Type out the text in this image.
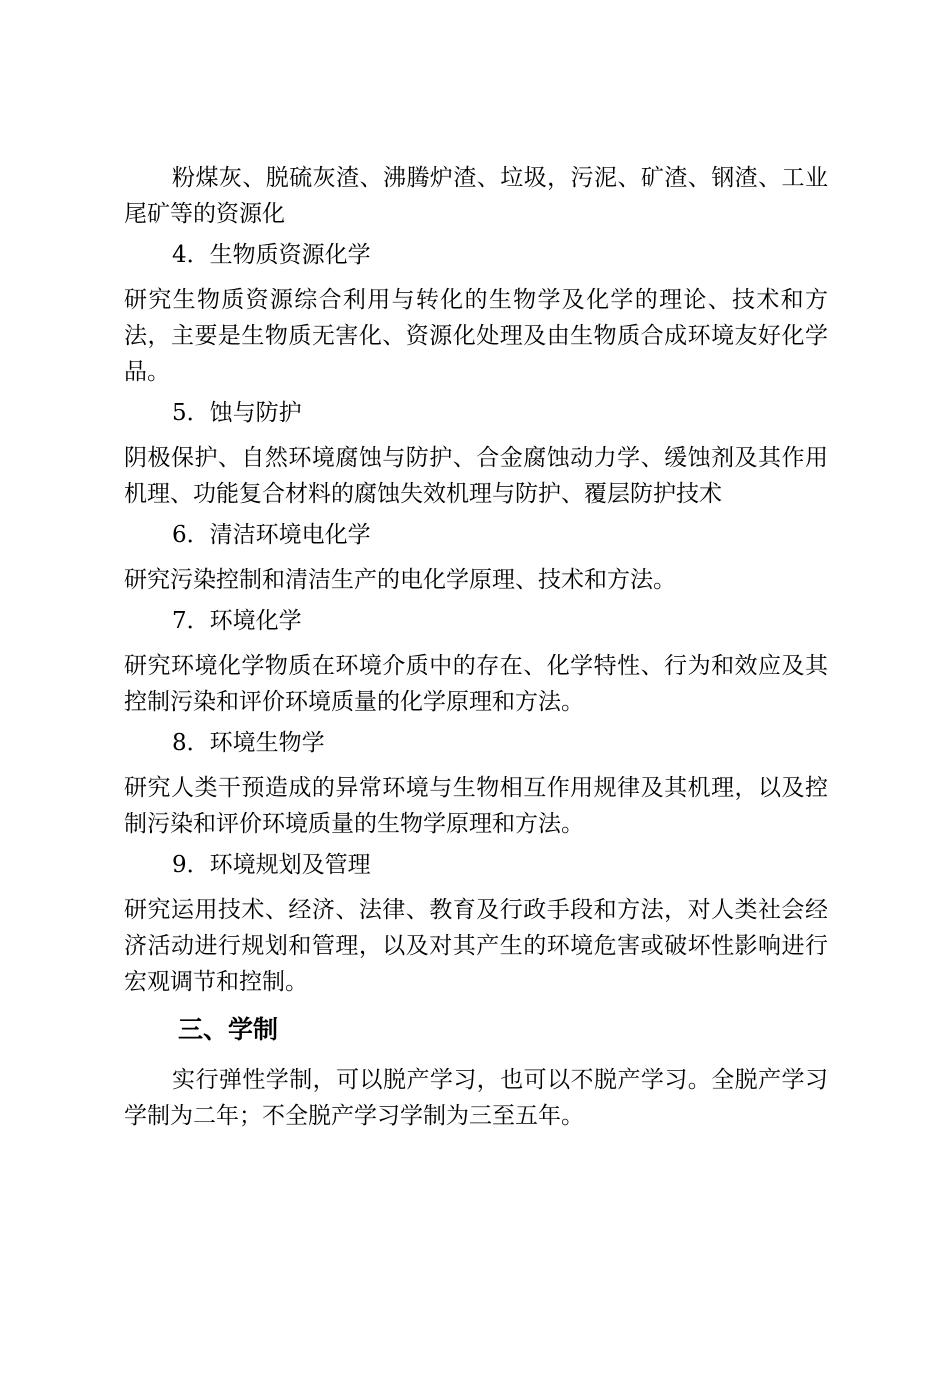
粉煤灰、脱硫灰渣、沸腾炉渣、垃圾，污泥、矿渣、钢渣、工业尾矿等的资源化

4．生物质资源化学

研究生物质资源综合利用与转化的生物学及化学的理论、技术和方法，主要是生物质无害化、资源化处理及由生物质合成环境友好化学品。

5．蚀与防护

阴极保护、自然环境腐蚀与防护、合金腐蚀动力学、缓蚀剂及其作用机理、功能复合材料的腐蚀失效机理与防护、覆层防护技术

6．清洁环境电化学

研究污染控制和清洁生产的电化学原理、技术和方法。

7．环境化学

研究环境化学物质在环境介质中的存在、化学特性、行为和效应及其控制污染和评价环境质量的化学原理和方法。

8．环境生物学

研究人类干预造成的异常环境与生物相互作用规律及其机理，以及控制污染和评价环境质量的生物学原理和方法。

9．环境规划及管理

研究运用技术、经济、法律、教育及行政手段和方法，对人类社会经济活动进行规划和管理，以及对其产生的环境危害或破坏性影响进行宏观调节和控制。

三、学制

实行弹性学制，可以脱产学习，也可以不脱产学习。全脱产学习学制为二年；不全脱产学习学制为三至五年。
